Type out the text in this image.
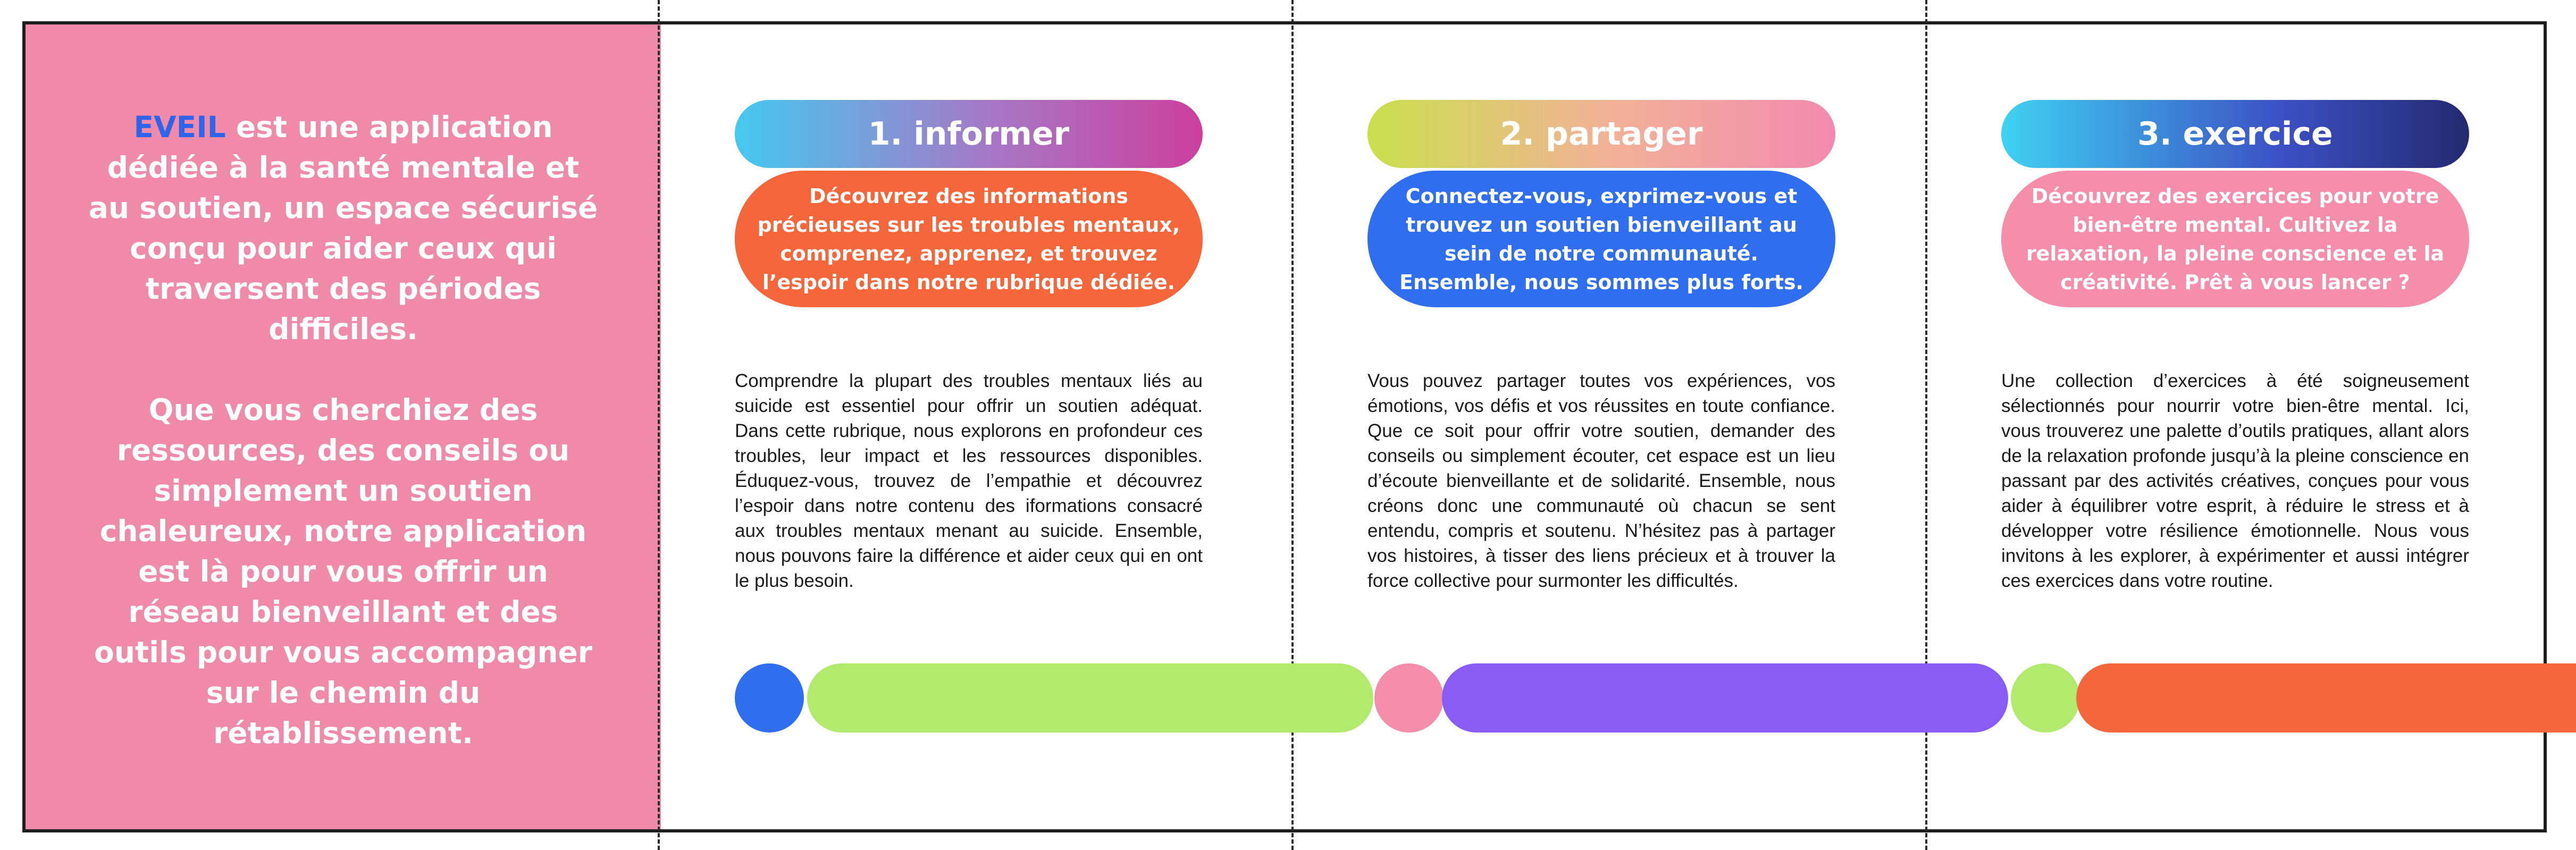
EVEIL est une application dédiée à la santé mentale et au soutien, un espace sécurisé conçu pour aider ceux qui traversent des périodes difficiles.

Que vous cherchiez des ressources, des conseils ou simplement un soutien chaleureux, notre application est là pour vous offrir un réseau bienveillant et des outils pour vous accompagner sur le chemin du rétablissement.

1. informer
Découvrez des informations précieuses sur les troubles mentaux, comprenez, apprenez, et trouvez l’espoir dans notre rubrique dédiée.
Comprendre la plupart des troubles mentaux liés au suicide est essentiel pour offrir un soutien adéquat. Dans cette rubrique, nous explorons en profondeur ces troubles, leur impact et les ressources disponibles. Éduquez-vous, trouvez de l’empathie et découvrez l’espoir dans notre contenu des iformations consacré aux troubles mentaux menant au suicide. Ensemble, nous pouvons faire la différence et aider ceux qui en ont le plus besoin.
2. partager
Connectez-vous, exprimez-vous et trouvez un soutien bienveillant au sein de notre communauté. Ensemble, nous sommes plus forts.
Vous pouvez partager toutes vos expériences, vos émotions, vos défis et vos réussites en toute confiance. Que ce soit pour offrir votre soutien, demander des conseils ou simplement écouter, cet espace est un lieu d’écoute bienveillante et de solidarité. Ensemble, nous créons donc une communauté où chacun se sent entendu, compris et soutenu. N’hésitez pas à partager vos histoires, à tisser des liens précieux et à trouver la force collective pour surmonter les difficultés.
3. exercice
Découvrez des exercices pour votre bien-être mental. Cultivez la relaxation, la pleine conscience et la créativité. Prêt à vous lancer ?
Une collection d’exercices à été soigneusement sélectionnés pour nourrir votre bien-être mental. Ici, vous trouverez une palette d’outils pratiques, allant alors de la relaxation profonde jusqu’à la pleine conscience en passant par des activités créatives, conçues pour vous aider à équilibrer votre esprit, à réduire le stress et à développer votre résilience émotionnelle. Nous vous invitons à les explorer, à expérimenter et aussi intégrer ces exercices dans votre routine.
